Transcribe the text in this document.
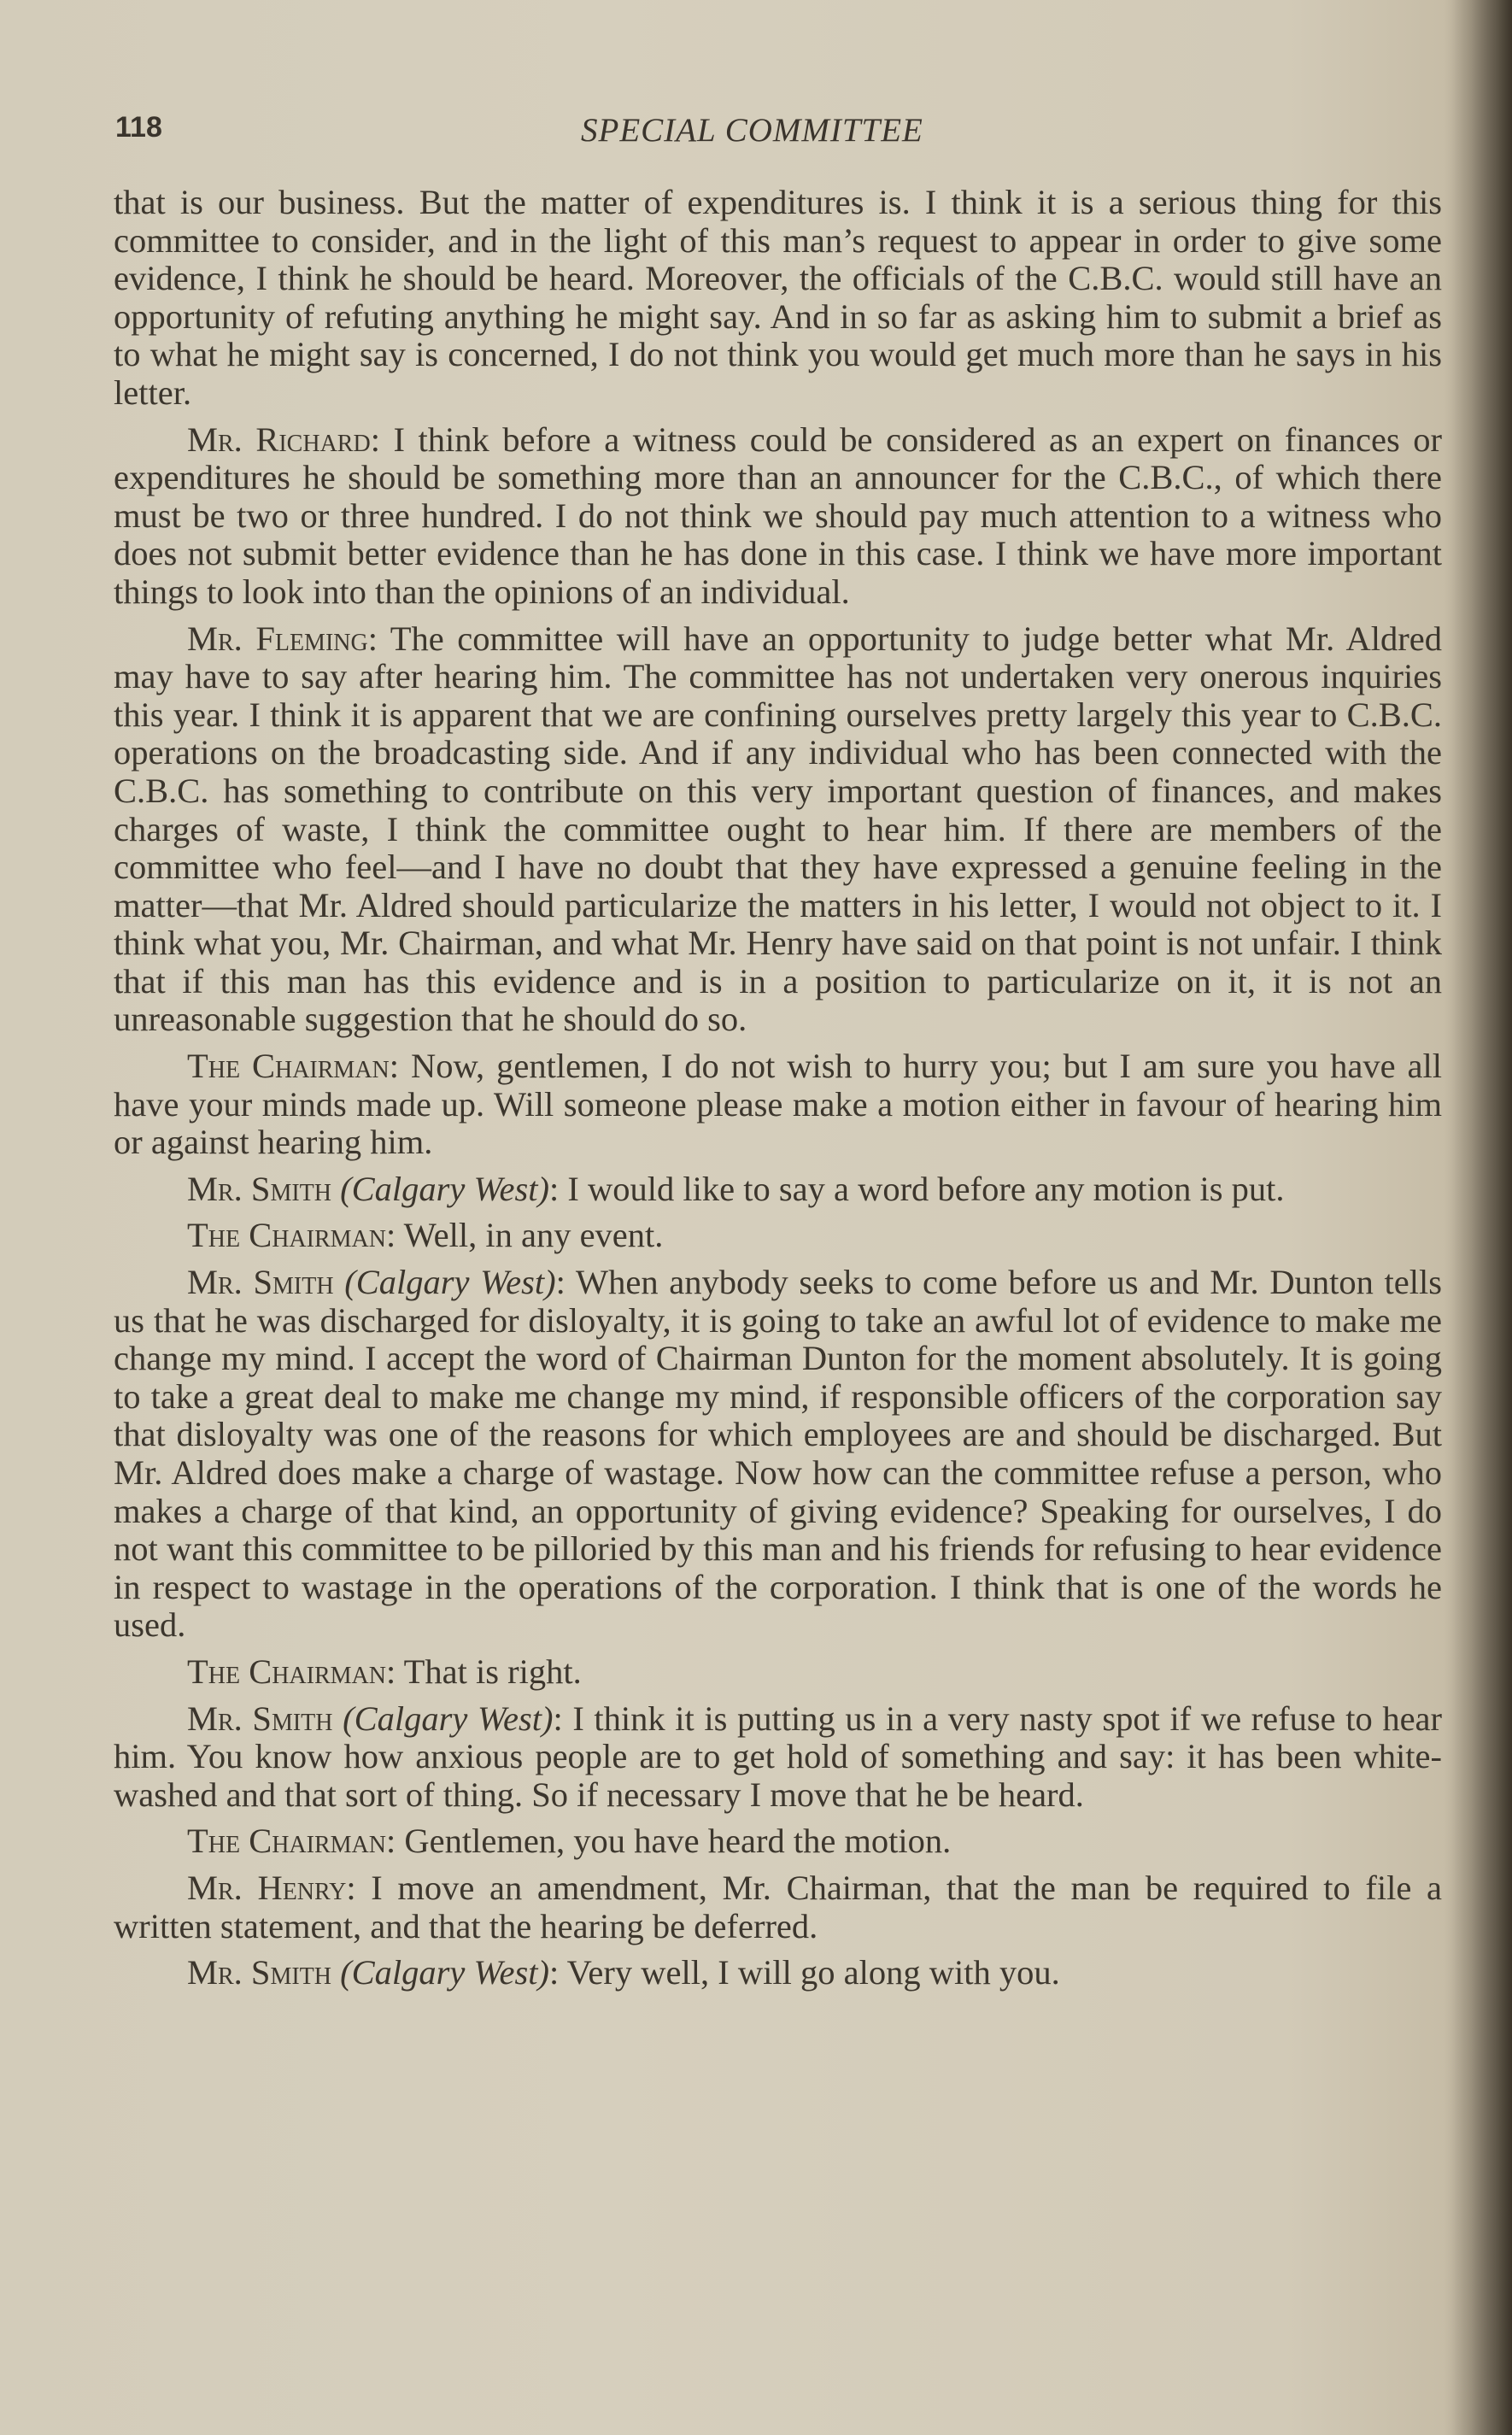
118	SPECIAL COMMITTEE

that is our business. But the matter of expenditures is. I think it is a serious thing for this committee to consider, and in the light of this man’s request to appear in order to give some evidence, I think he should be heard. Moreover, the officials of the C.B.C. would still have an opportunity of refuting anything he might say. And in so far as asking him to submit a brief as to what he might say is concerned, I do not think you would get much more than he says in his letter.

Mr. Richard: I think before a witness could be considered as an expert on finances or expenditures he should be something more than an announcer for the C.B.C., of which there must be two or three hundred. I do not think we should pay much attention to a witness who does not submit better evidence than he has done in this case. I think we have more important things to look into than the opinions of an individual.

Mr. Fleming: The committee will have an opportunity to judge better what Mr. Aldred may have to say after hearing him. The committee has not undertaken very onerous inquiries this year. I think it is apparent that we are confining ourselves pretty largely this year to C.B.C. operations on the broadcasting side. And if any individual who has been connected with the C.B.C. has something to contribute on this very important question of finances, and makes charges of waste, I think the committee ought to hear him. If there are members of the committee who feel—and I have no doubt that they have expressed a genuine feeling in the matter—that Mr. Aldred should particularize the matters in his letter, I would not object to it. I think what you, Mr. Chairman, and what Mr. Henry have said on that point is not unfair. I think that if this man has this evidence and is in a position to particularize on it, it is not an unreasonable suggestion that he should do so.

The Chairman: Now, gentlemen, I do not wish to hurry you; but I am sure you have all have your minds made up. Will someone please make a motion either in favour of hearing him or against hearing him.

Mr. Smith (Calgary West): I would like to say a word before any motion is put.

The Chairman: Well, in any event.

Mr. Smith (Calgary West): When anybody seeks to come before us and Mr. Dunton tells us that he was discharged for disloyalty, it is going to take an awful lot of evidence to make me change my mind. I accept the word of Chairman Dunton for the moment absolutely. It is going to take a great deal to make me change my mind, if responsible officers of the corporation say that disloyalty was one of the reasons for which employees are and should be discharged. But Mr. Aldred does make a charge of wastage. Now how can the committee refuse a person, who makes a charge of that kind, an opportunity of giving evidence? Speaking for ourselves, I do not want this committee to be pilloried by this man and his friends for refusing to hear evidence in respect to wastage in the operations of the corporation. I think that is one of the words he used.

The Chairman: That is right.

Mr. Smith (Calgary West): I think it is putting us in a very nasty spot if we refuse to hear him. You know how anxious people are to get hold of something and say: it has been white-washed and that sort of thing. So if necessary I move that he be heard.

The Chairman: Gentlemen, you have heard the motion.

Mr. Henry: I move an amendment, Mr. Chairman, that the man be required to file a written statement, and that the hearing be deferred.

Mr. Smith (Calgary West): Very well, I will go along with you.
